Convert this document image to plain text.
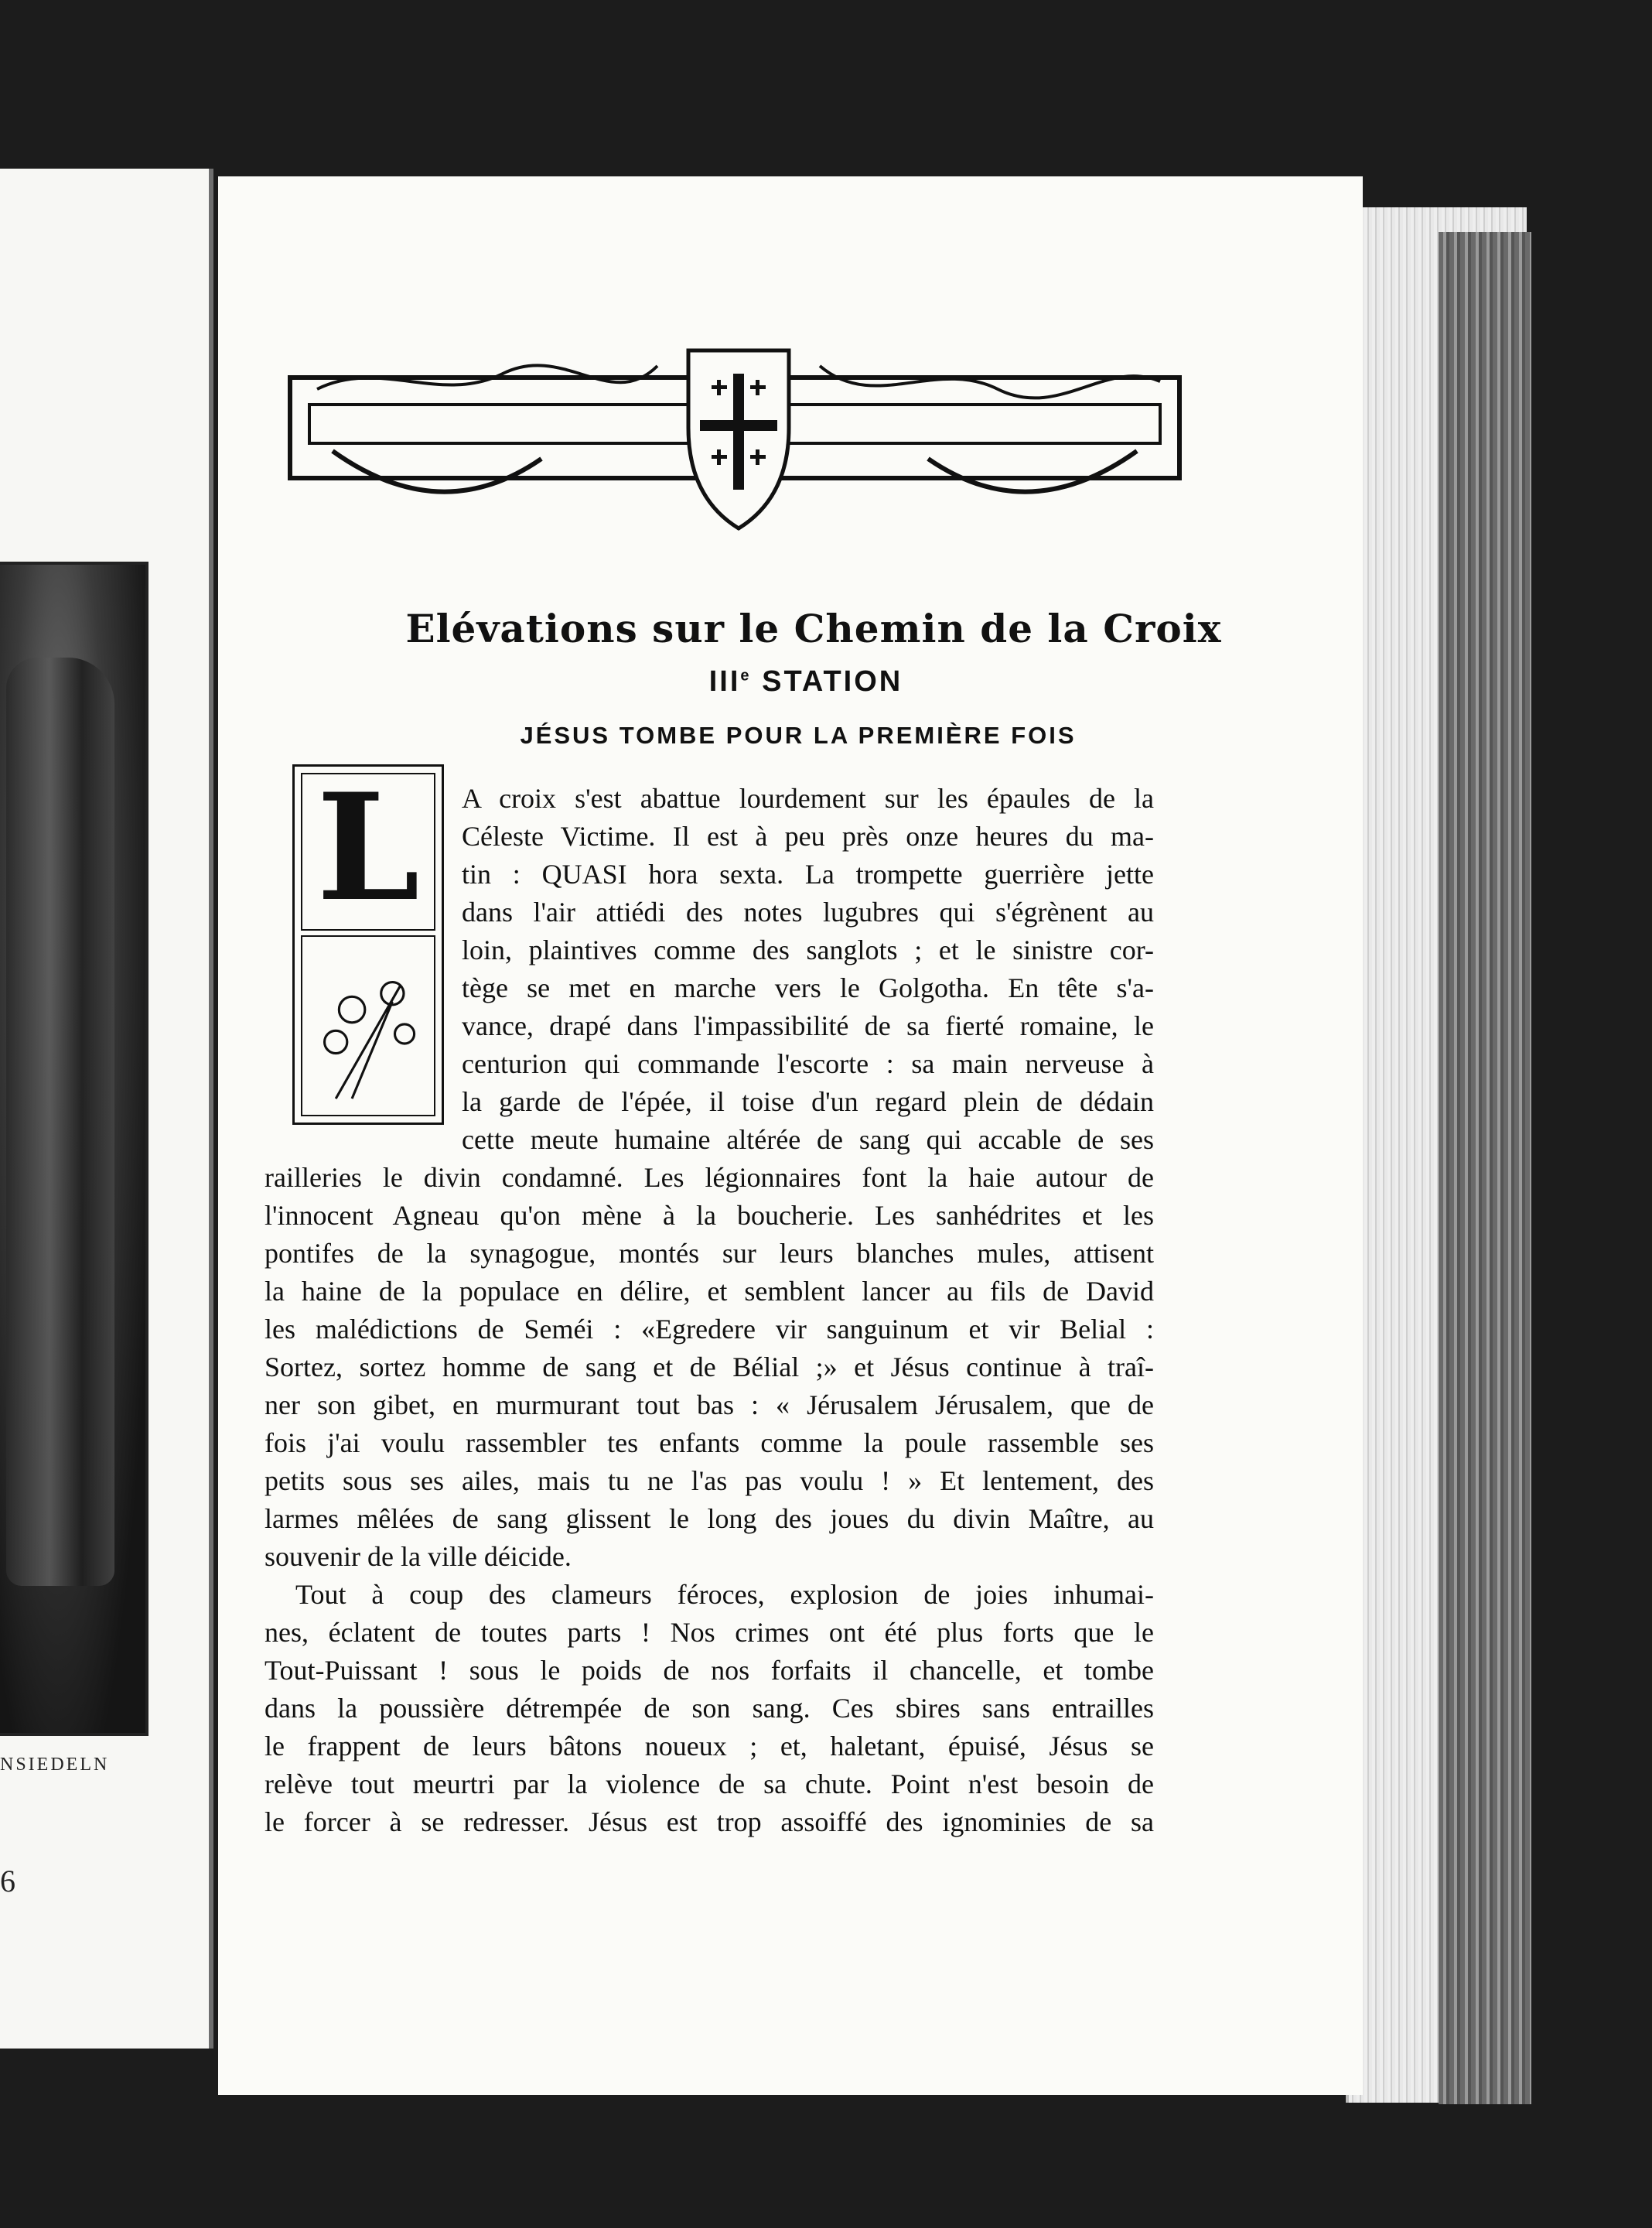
NSIEDELN
6
Elévations sur le Chemin de la Croix
IIIe STATION
JÉSUS TOMBE POUR LA PREMIÈRE FOIS
L	A croix s'est abattue lourdement sur les épaules de la
Céleste Victime. Il est à peu près onze heures du ma-
tin : QUASI hora sexta. La trompette guerrière jette
dans l'air attiédi des notes lugubres qui s'égrènent au
loin, plaintives comme des sanglots ; et le sinistre cor-
tège se met en marche vers le Golgotha. En tête s'a-
vance, drapé dans l'impassibilité de sa fierté romaine, le
centurion qui commande l'escorte : sa main nerveuse à
la garde de l'épée, il toise d'un regard plein de dédain
cette meute humaine altérée de sang qui accable de ses
railleries le divin condamné. Les légionnaires font la haie autour de
l'innocent Agneau qu'on mène à la boucherie. Les sanhédrites et les
pontifes de la synagogue, montés sur leurs blanches mules, attisent
la haine de la populace en délire, et semblent lancer au fils de David
les malédictions de Seméi : «Egredere vir sanguinum et vir Belial :
Sortez, sortez homme de sang et de Bélial ;» et Jésus continue à traî-
ner son gibet, en murmurant tout bas : « Jérusalem Jérusalem, que de
fois j'ai voulu rassembler tes enfants comme la poule rassemble ses
petits sous ses ailes, mais tu ne l'as pas voulu ! » Et lentement, des
larmes mêlées de sang glissent le long des joues du divin Maître, au
souvenir de la ville déicide.
Tout à coup des clameurs féroces, explosion de joies inhumai-
nes, éclatent de toutes parts ! Nos crimes ont été plus forts que le
Tout-Puissant ! sous le poids de nos forfaits il chancelle, et tombe
dans la poussière détrempée de son sang. Ces sbires sans entrailles
le frappent de leurs bâtons noueux ; et, haletant, épuisé, Jésus se
relève tout meurtri par la violence de sa chute. Point n'est besoin de
le forcer à se redresser. Jésus est trop assoiffé des ignominies de sa
